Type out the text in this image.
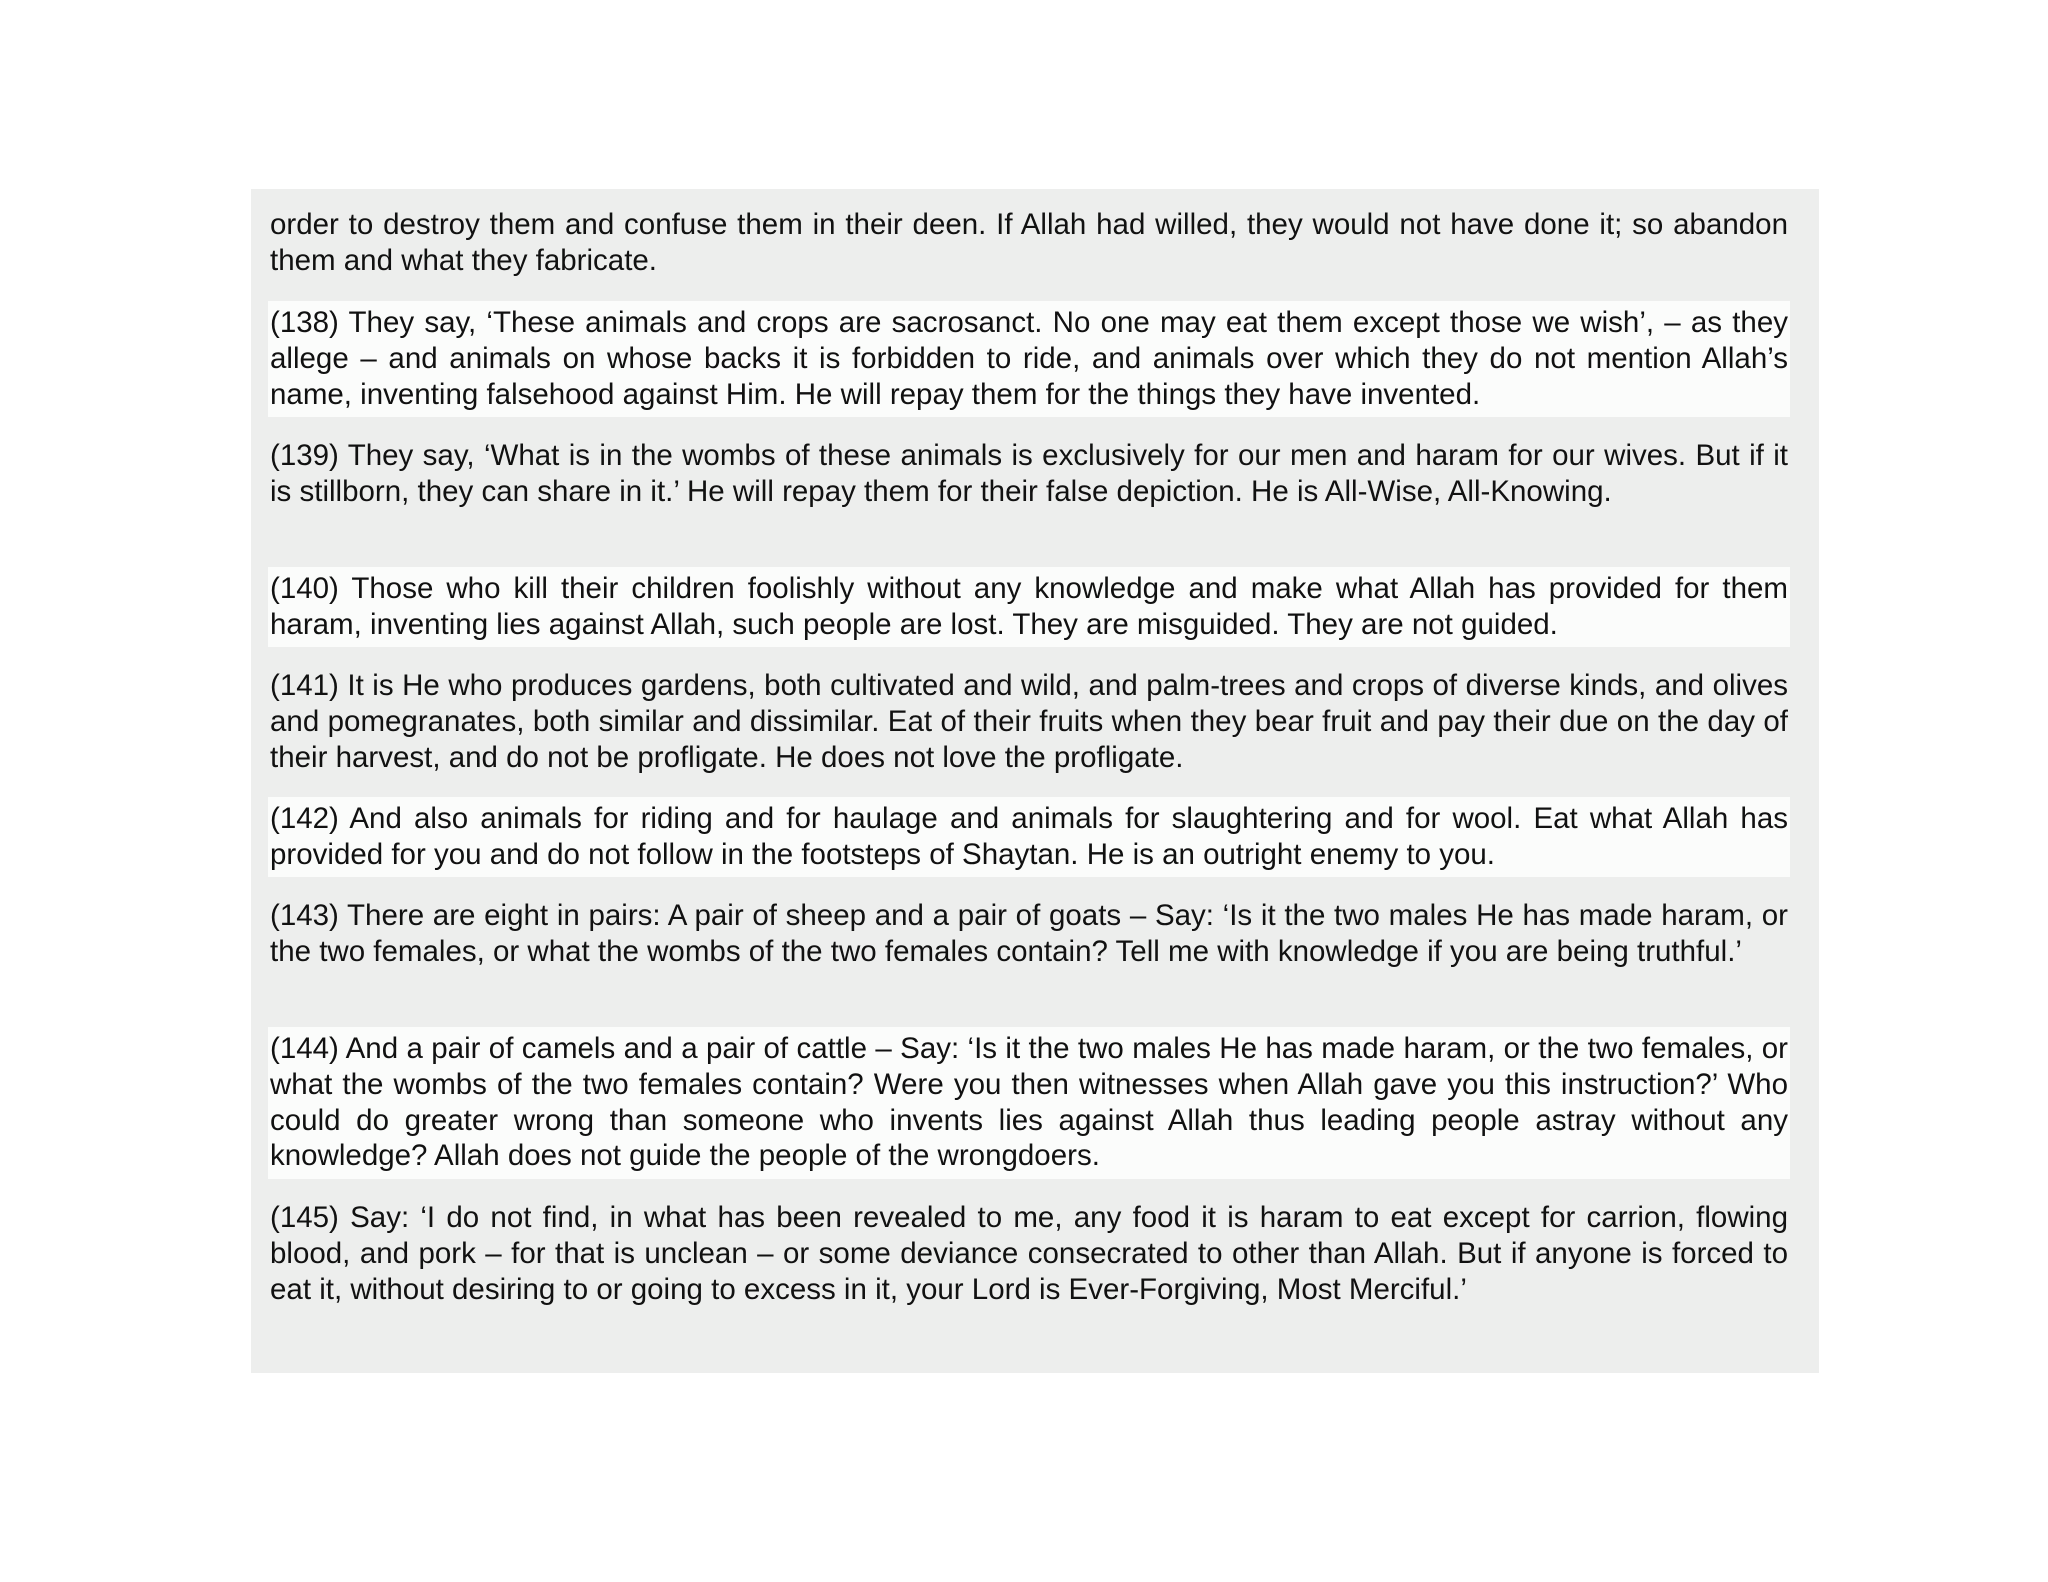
order to destroy them and confuse them in their deen. If Allah had willed, they would not have done it; so abandon them and what they fabricate.
(138) They say, ‘These animals and crops are sacrosanct. No one may eat them except those we wish’, – as they allege – and animals on whose backs it is forbidden to ride, and animals over which they do not mention Allah’s name, inventing falsehood against Him. He will repay them for the things they have invented.
(139) They say, ‘What is in the wombs of these animals is exclusively for our men and haram for our wives. But if it is stillborn, they can share in it.’ He will repay them for their false depiction. He is All-Wise, All-Knowing.
(140) Those who kill their children foolishly without any knowledge and make what Allah has provided for them haram, inventing lies against Allah, such people are lost. They are misguided. They are not guided.
(141) It is He who produces gardens, both cultivated and wild, and palm-trees and crops of diverse kinds, and olives and pomegranates, both similar and dissimilar. Eat of their fruits when they bear fruit and pay their due on the day of their harvest, and do not be profligate. He does not love the profligate.
(142) And also animals for riding and for haulage and animals for slaughtering and for wool. Eat what Allah has provided for you and do not follow in the footsteps of Shaytan. He is an outright enemy to you.
(143) There are eight in pairs: A pair of sheep and a pair of goats – Say: ‘Is it the two males He has made haram, or the two females, or what the wombs of the two females contain? Tell me with knowledge if you are being truthful.’
(144) And a pair of camels and a pair of cattle – Say: ‘Is it the two males He has made haram, or the two females, or what the wombs of the two females contain? Were you then witnesses when Allah gave you this instruction?’ Who could do greater wrong than someone who invents lies against Allah thus leading people astray without any knowledge? Allah does not guide the people of the wrongdoers.
(145) Say: ‘I do not find, in what has been revealed to me, any food it is haram to eat except for carrion, flowing blood, and pork – for that is unclean – or some deviance consecrated to other than Allah. But if anyone is forced to eat it, without desiring to or going to excess in it, your Lord is Ever-Forgiving, Most Merciful.’
